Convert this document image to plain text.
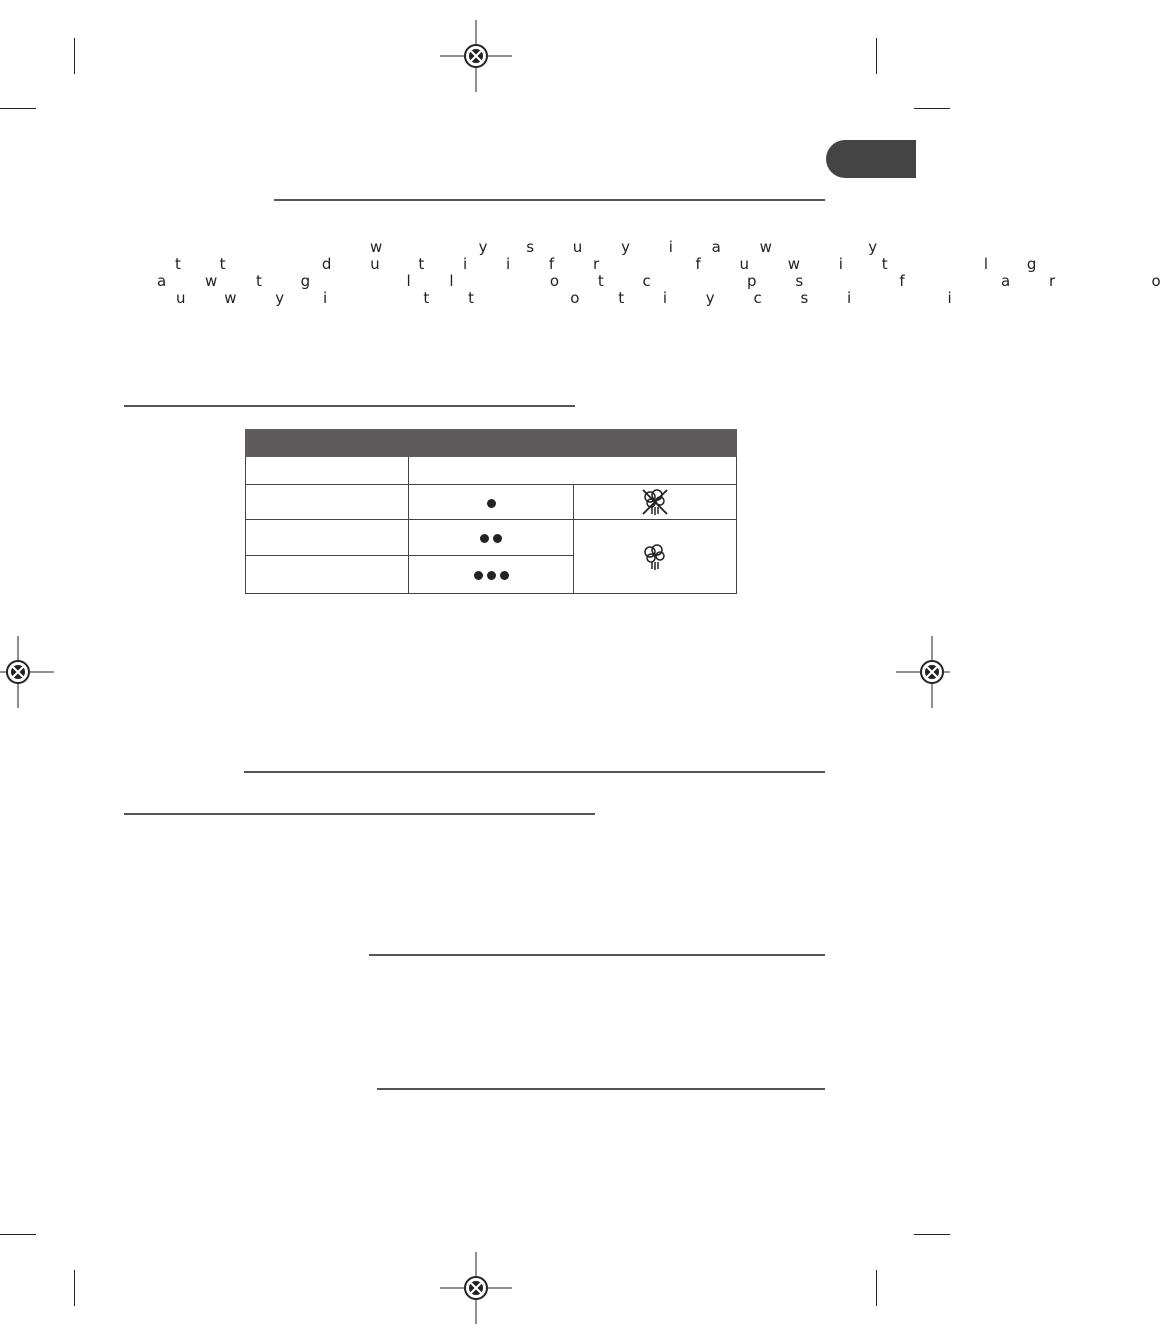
w   y s u y i a w   y
t t   d u t i i f r   f u w i t   l g
a w t g   l l   o t c   p s   f   a r   o
u w y i   t t   o t i y c s i   i
